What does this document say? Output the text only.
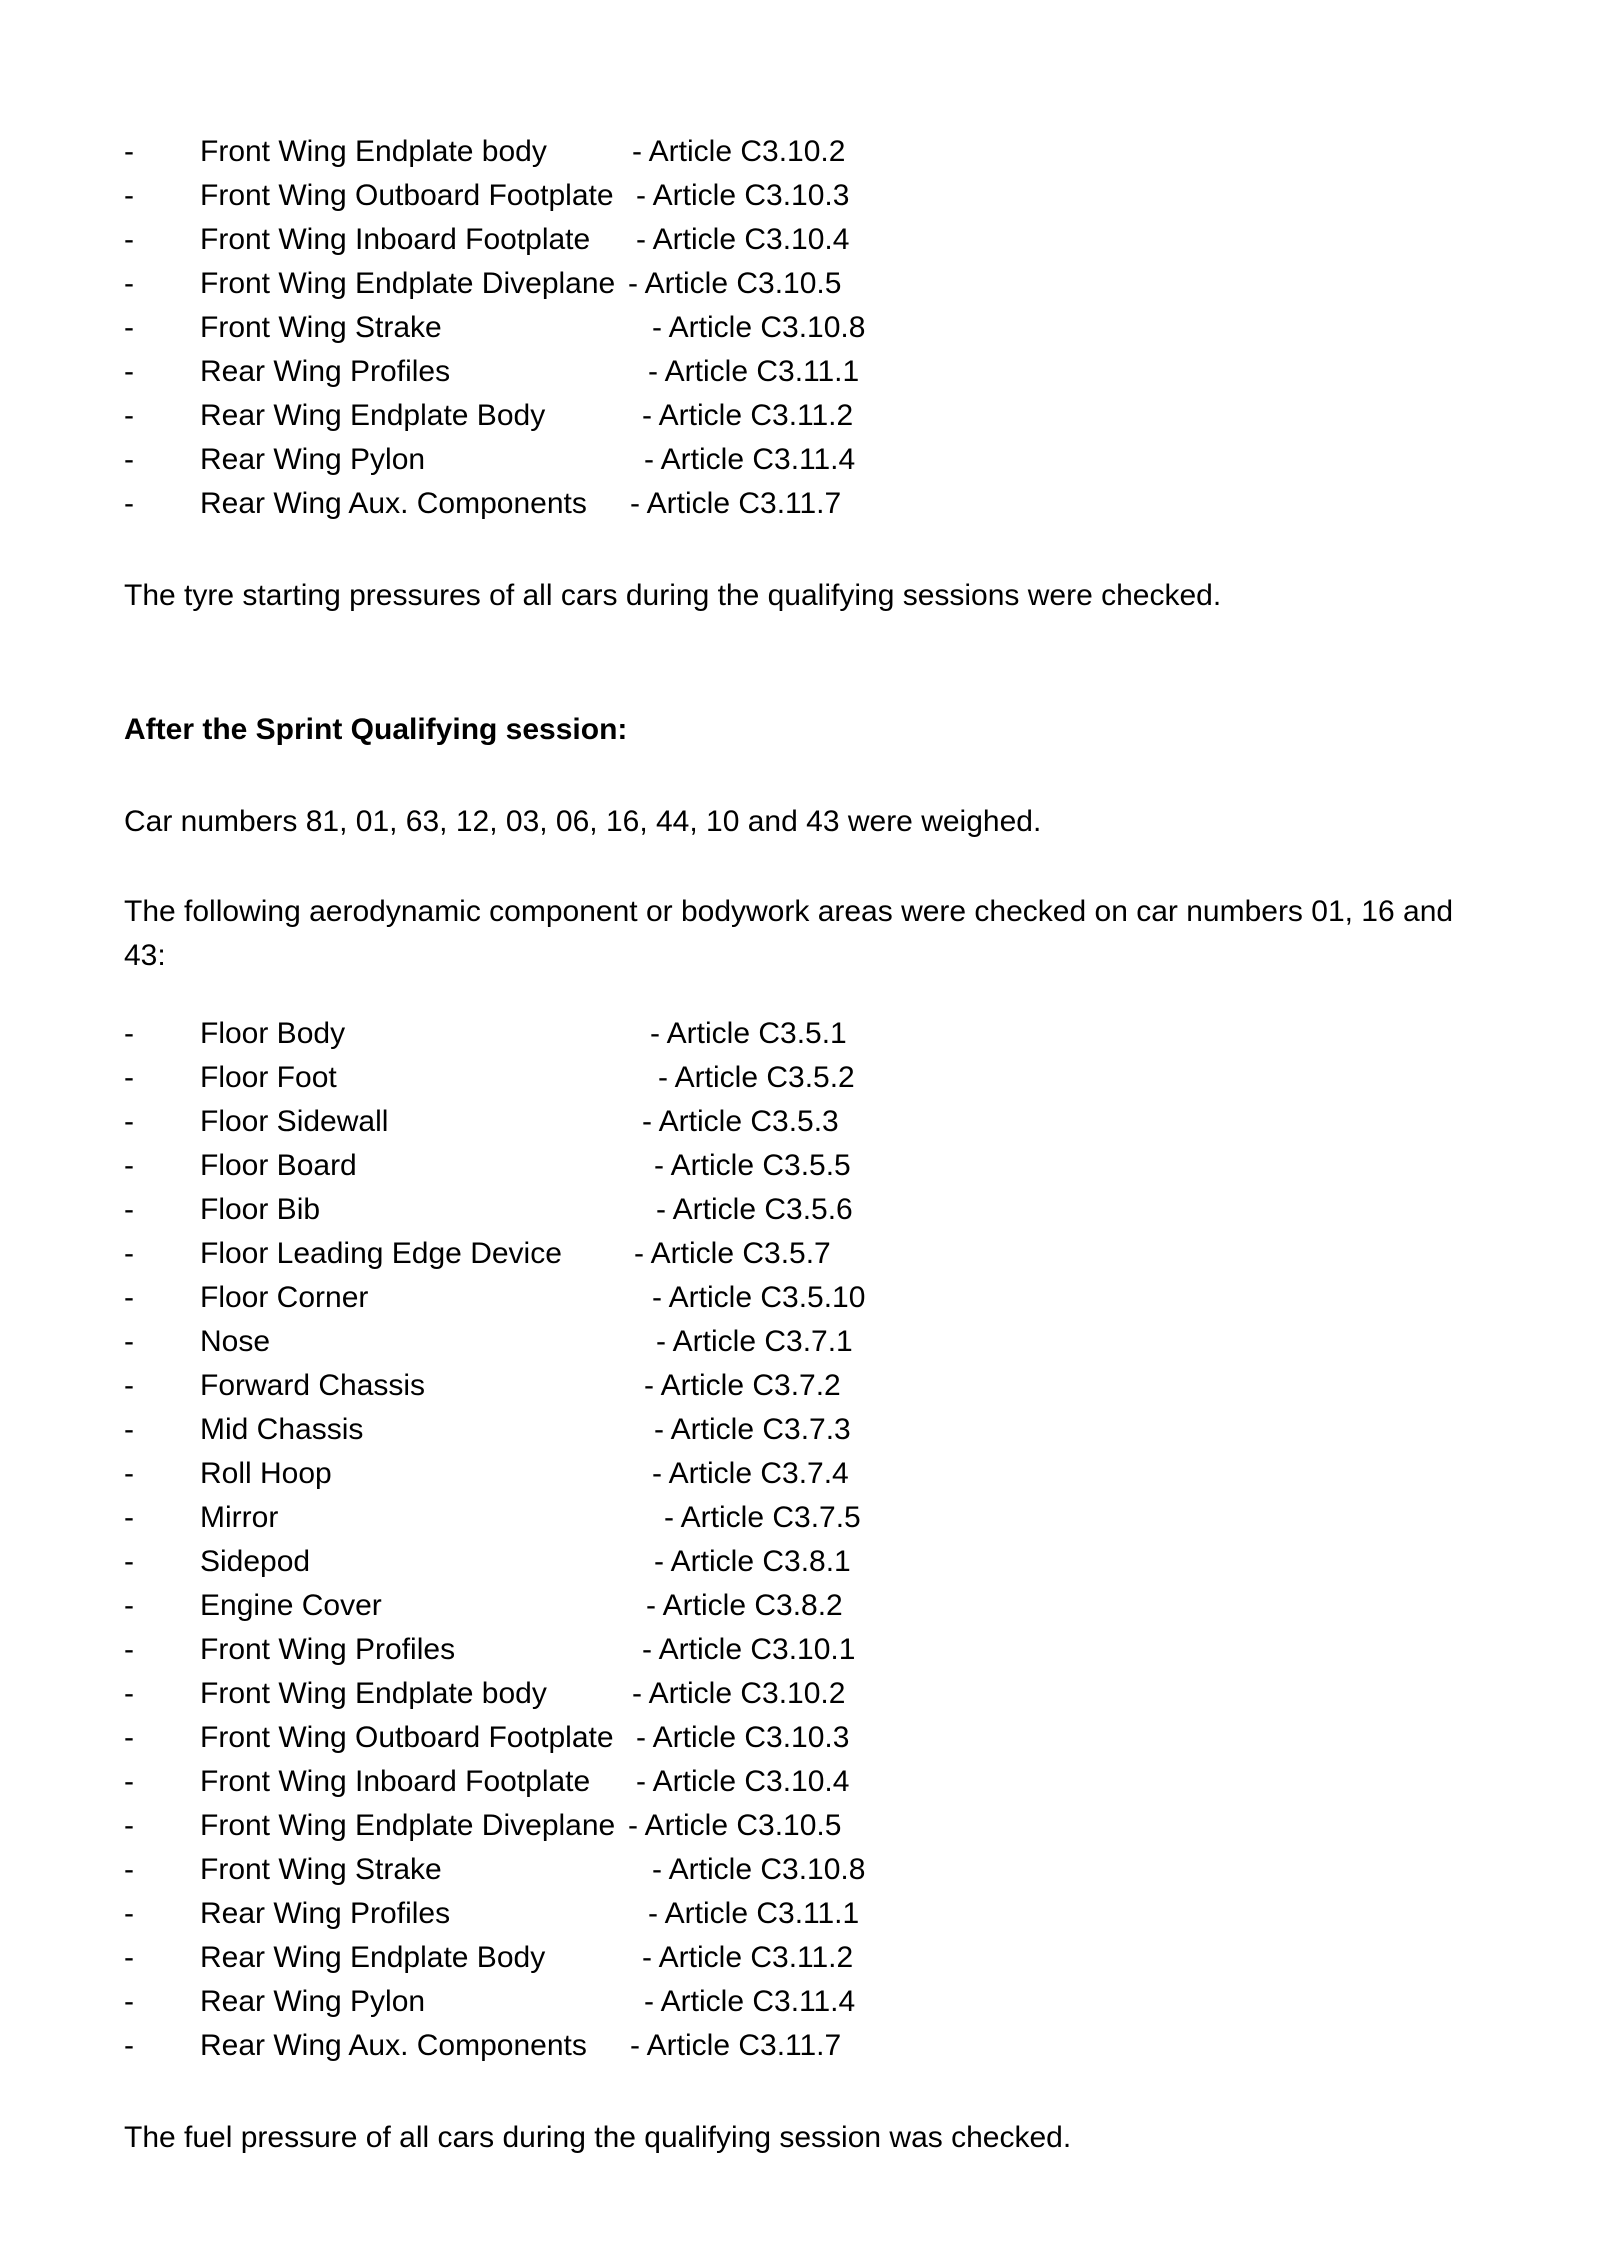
- Front Wing Endplate body	- Article C3.10.2
- Front Wing Outboard Footplate - Article C3.10.3
- Front Wing Inboard Footplate - Article C3.10.4
- Front Wing Endplate Diveplane - Article C3.10.5
- Front Wing Strake	- Article C3.10.8
- Rear Wing Profiles	- Article C3.11.1
- Rear Wing Endplate Body	- Article C3.11.2
- Rear Wing Pylon	- Article C3.11.4
- Rear Wing Aux. Components - Article C3.11.7
The tyre starting pressures of all cars during the qualifying sessions were checked.
After the Sprint Qualifying session:
Car numbers 81, 01, 63, 12, 03, 06, 16, 44, 10 and 43 were weighed.
The following aerodynamic component or bodywork areas were checked on car numbers 01, 16 and 43:
- Floor Body	- Article C3.5.1
- Floor Foot	- Article C3.5.2
- Floor Sidewall	- Article C3.5.3
- Floor Board	- Article C3.5.5
- Floor Bib	- Article C3.5.6
- Floor Leading Edge Device - Article C3.5.7
- Floor Corner	- Article C3.5.10
- Nose	- Article C3.7.1
- Forward Chassis	- Article C3.7.2
- Mid Chassis	- Article C3.7.3
- Roll Hoop	- Article C3.7.4
- Mirror	- Article C3.7.5
- Sidepod	- Article C3.8.1
- Engine Cover	- Article C3.8.2
- Front Wing Profiles	- Article C3.10.1
- Front Wing Endplate body	- Article C3.10.2
- Front Wing Outboard Footplate - Article C3.10.3
- Front Wing Inboard Footplate - Article C3.10.4
- Front Wing Endplate Diveplane - Article C3.10.5
- Front Wing Strake	- Article C3.10.8
- Rear Wing Profiles	- Article C3.11.1
- Rear Wing Endplate Body	- Article C3.11.2
- Rear Wing Pylon	- Article C3.11.4
- Rear Wing Aux. Components - Article C3.11.7
The fuel pressure of all cars during the qualifying session was checked.
